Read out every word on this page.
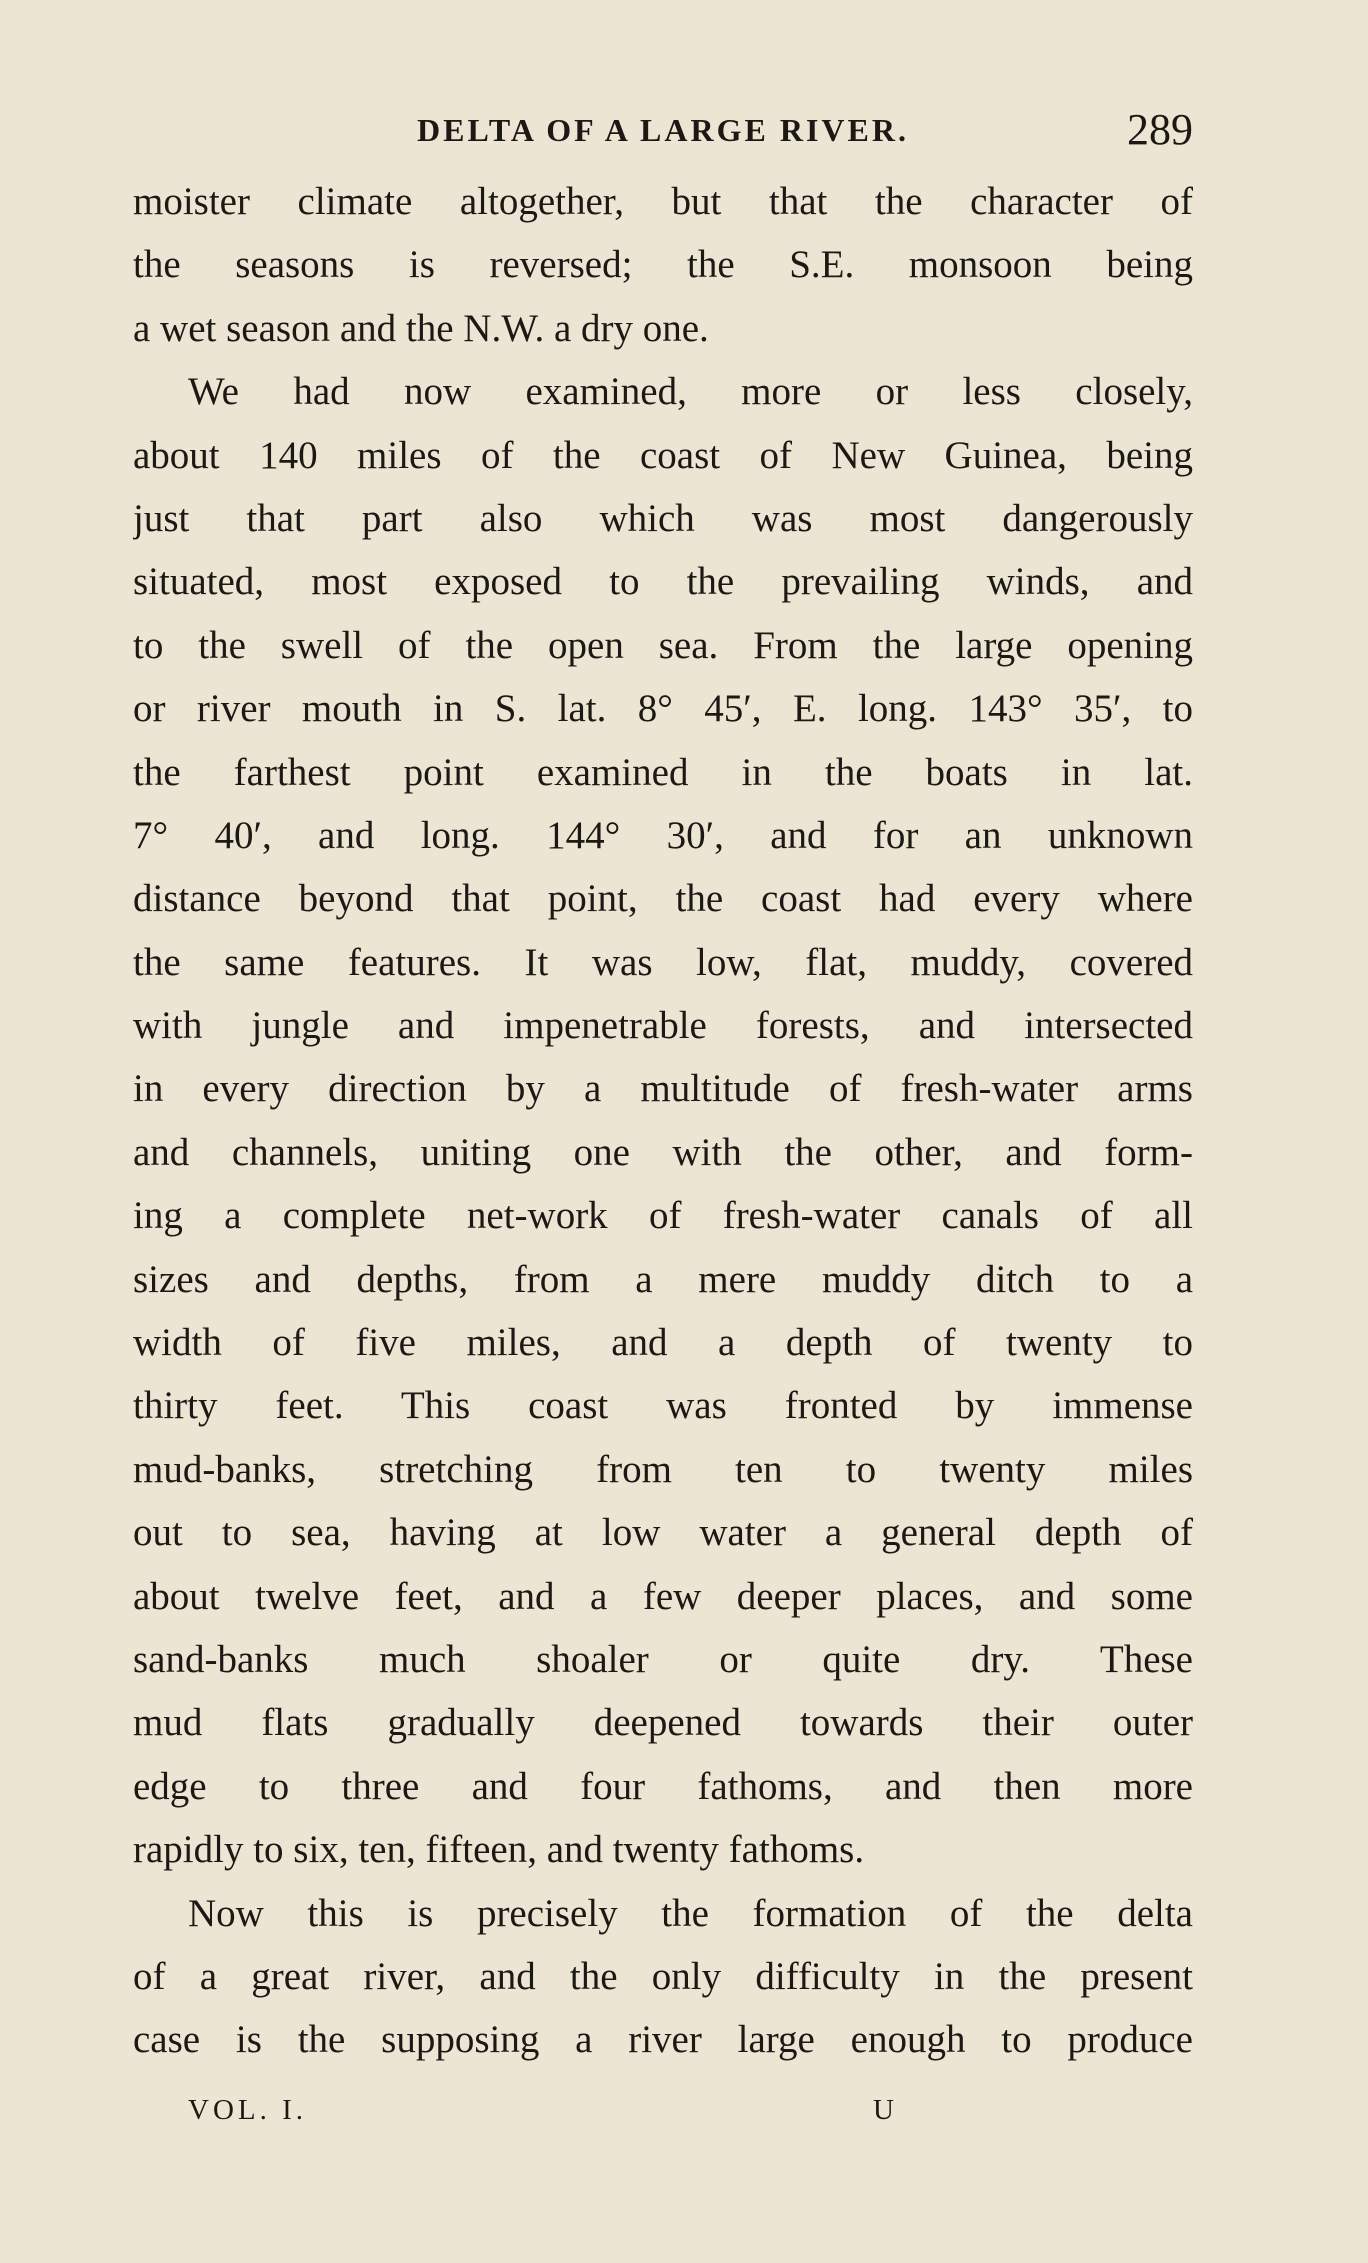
DELTA OF A LARGE RIVER.	289
moister climate altogether, but that the character of
the seasons is reversed; the S.E. monsoon being
a wet season and the N.W. a dry one.
We had now examined, more or less closely,
about 140 miles of the coast of New Guinea, being
just that part also which was most dangerously
situated, most exposed to the prevailing winds, and
to the swell of the open sea. From the large opening
or river mouth in S. lat. 8° 45′, E. long. 143° 35′, to
the farthest point examined in the boats in lat.
7° 40′, and long. 144° 30′, and for an unknown
distance beyond that point, the coast had every where
the same features. It was low, flat, muddy, covered
with jungle and impenetrable forests, and intersected
in every direction by a multitude of fresh-water arms
and channels, uniting one with the other, and form-
ing a complete net-work of fresh-water canals of all
sizes and depths, from a mere muddy ditch to a
width of five miles, and a depth of twenty to
thirty feet. This coast was fronted by immense
mud-banks, stretching from ten to twenty miles
out to sea, having at low water a general depth of
about twelve feet, and a few deeper places, and some
sand-banks much shoaler or quite dry. These
mud flats gradually deepened towards their outer
edge to three and four fathoms, and then more
rapidly to six, ten, fifteen, and twenty fathoms.
Now this is precisely the formation of the delta
of a great river, and the only difficulty in the present
case is the supposing a river large enough to produce
VOL. I.	U
